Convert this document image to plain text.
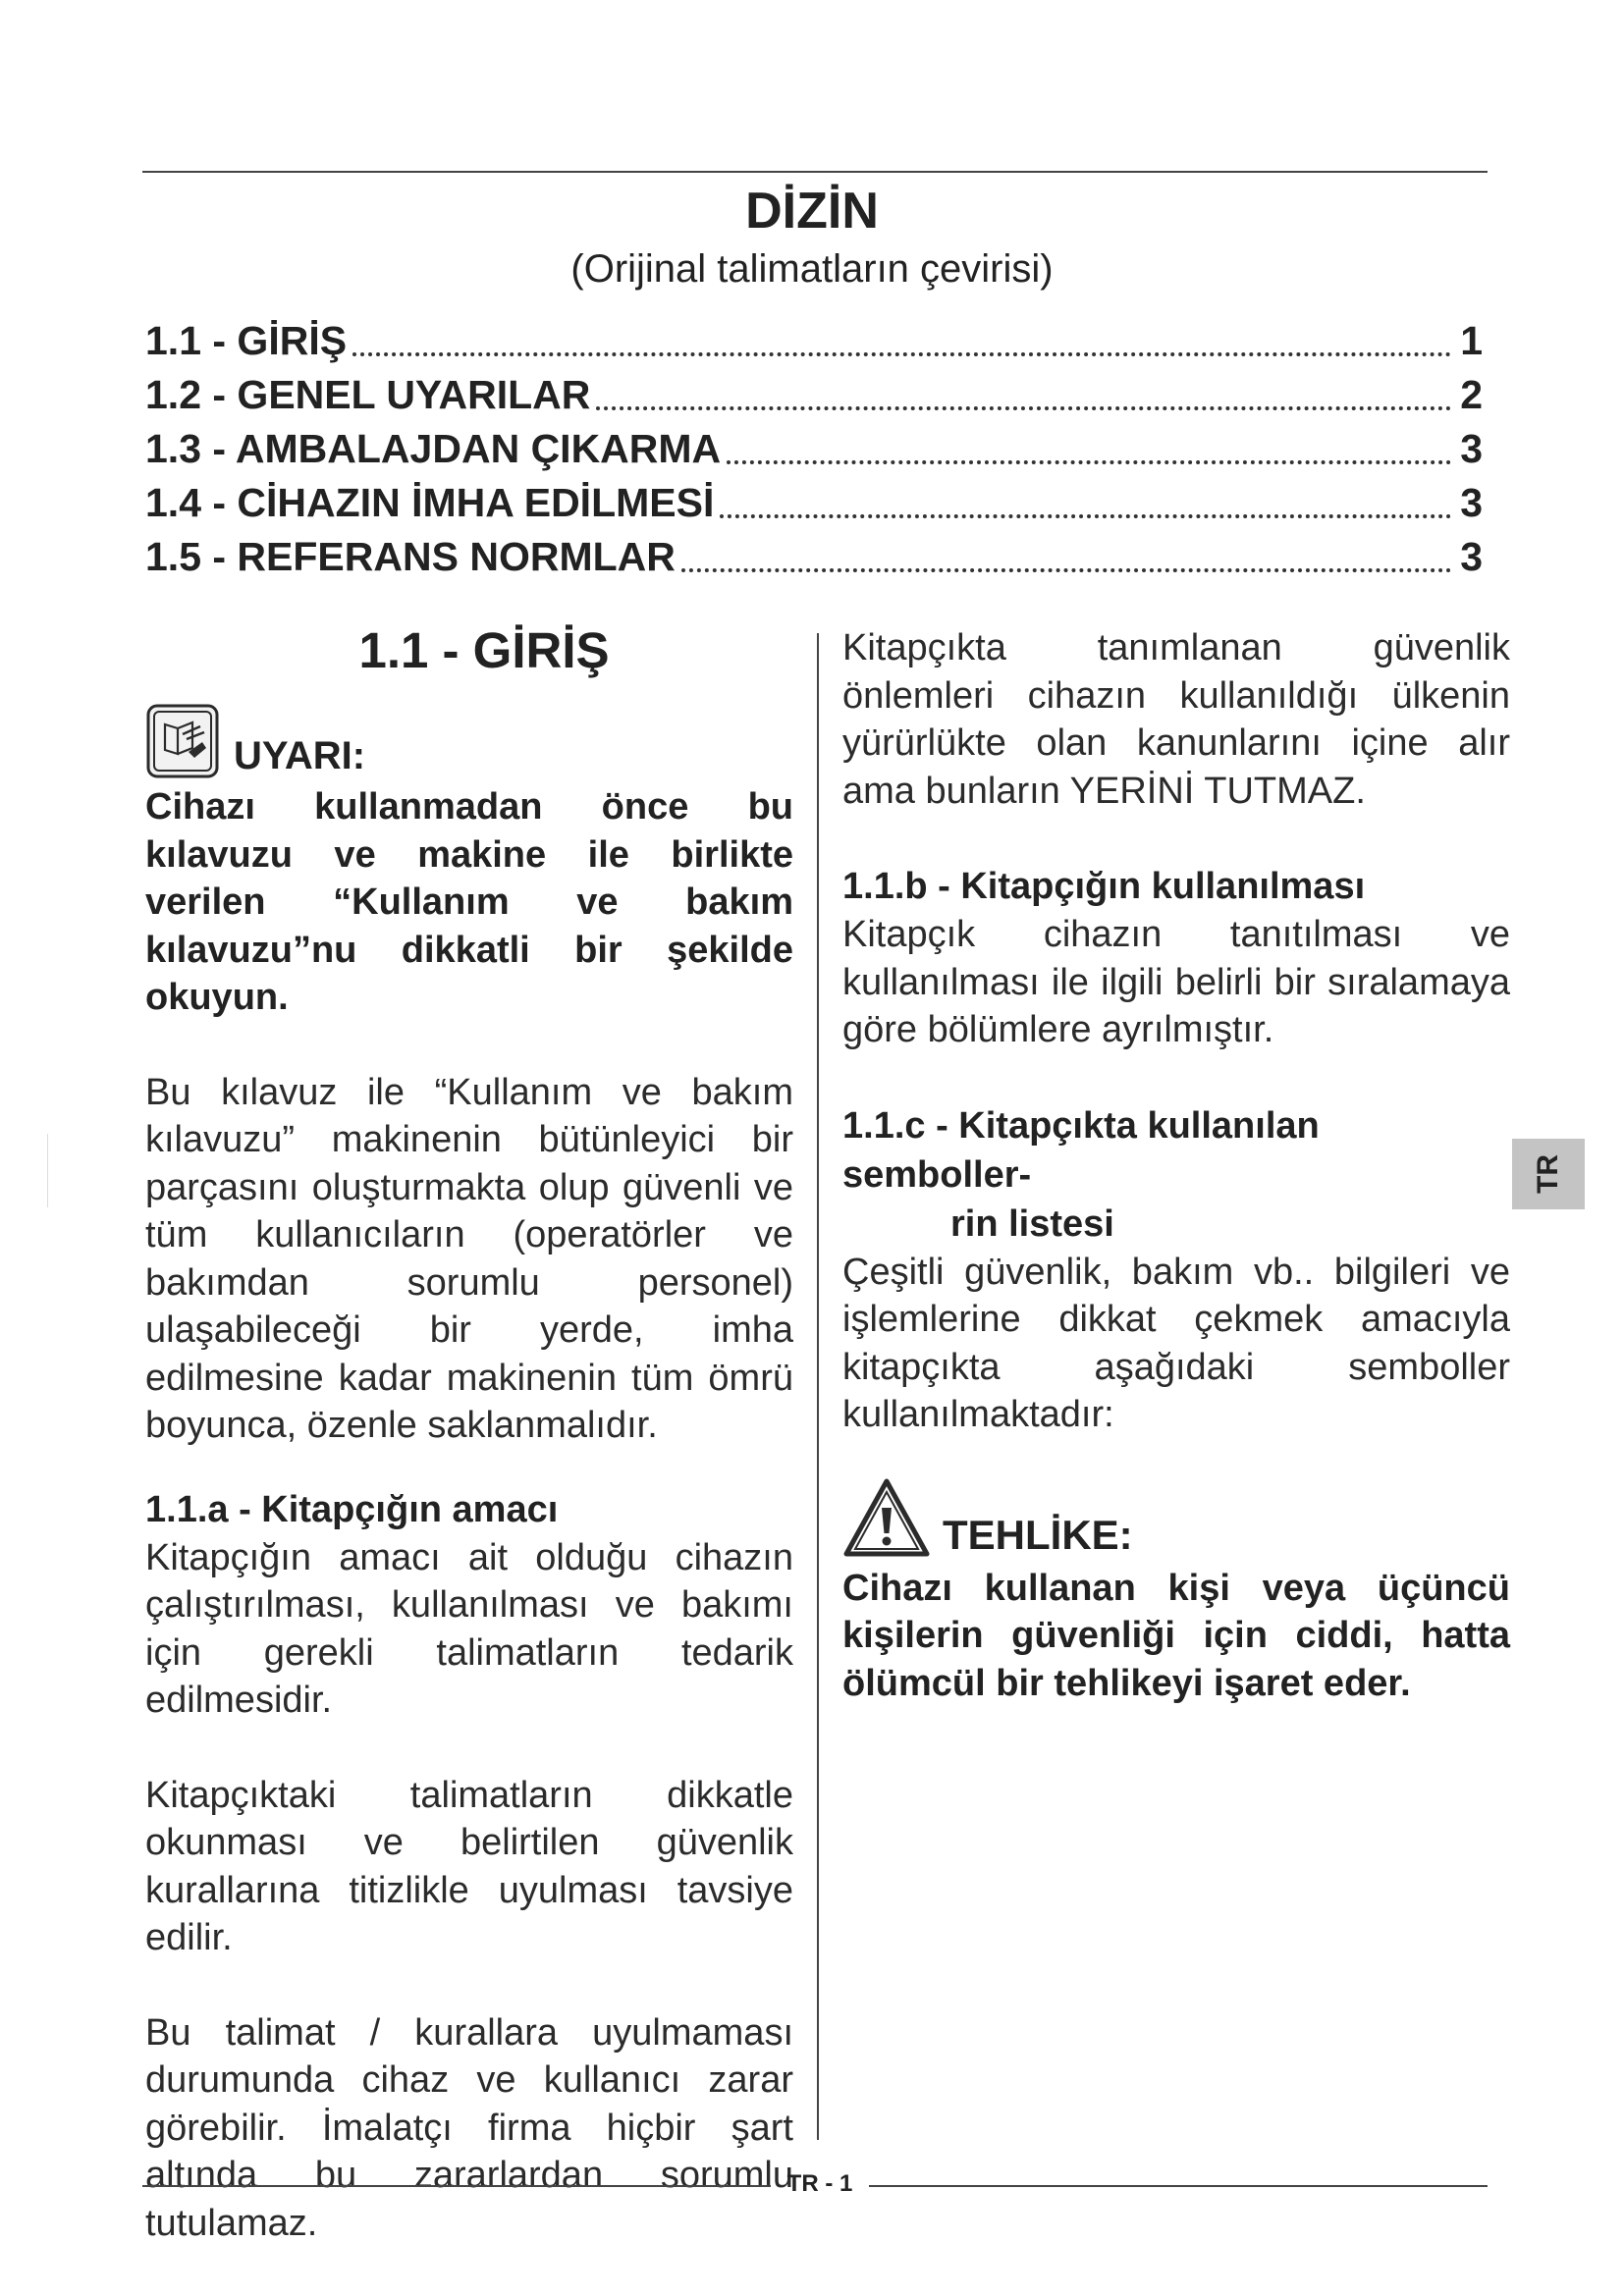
DİZİN
(Orijinal talimatların çevirisi)
1.1 - GİRİŞ	1
1.2 - GENEL UYARILAR	2
1.3 - AMBALAJDAN ÇIKARMA	3
1.4 - CİHAZIN İMHA EDİLMESİ	3
1.5 - REFERANS NORMLAR	3
1.1 - GİRİŞ
UYARI:

Cihazı kullanmadan önce bu kılavuzu ve makine ile birlikte verilen “Kullanım ve bakım kılavuzu”nu dikkatli bir şekilde okuyun.

Bu kılavuz ile “Kullanım ve bakım kılavuzu” makinenin bütünleyici bir parçasını oluşturmakta olup güvenli ve tüm kullanıcıların (operatörler ve bakımdan sorumlu personel) ulaşabileceği bir yerde, imha edilmesine kadar makinenin tüm ömrü boyunca, özenle saklanmalıdır.

1.1.a - Kitapçığın amacı

Kitapçığın amacı ait olduğu cihazın çalıştırılması, kullanılması ve bakımı için gerekli talimatların tedarik edilmesidir.

Kitapçıktaki talimatların dikkatle okunması ve belirtilen güvenlik kurallarına titizlikle uyulması tavsiye edilir.

Bu talimat / kurallara uyulmaması durumunda cihaz ve kullanıcı zarar görebilir. İmalatçı firma hiçbir şart altında bu zararlardan sorumlu tutulamaz.

Kitapçıkta tanımlanan güvenlik önlemleri cihazın kullanıldığı ülkenin yürürlükte olan kanunlarını içine alır ama bunların YERİNİ TUTMAZ.

1.1.b - Kitapçığın kullanılması

Kitapçık cihazın tanıtılması ve kullanılması ile ilgili belirli bir sıralamaya göre bölümlere ayrılmıştır.

1.1.c - Kitapçıkta kullanılan semboller-
rin listesi

Çeşitli güvenlik, bakım vb.. bilgileri ve işlemlerine dikkat çekmek amacıyla kitapçıkta aşağıdaki semboller kullanılmaktadır:

TEHLİKE:

Cihazı kullanan kişi veya üçüncü kişilerin güvenliği için ciddi, hatta ölümcül bir tehlikeyi işaret eder.

TR
TR - 1
